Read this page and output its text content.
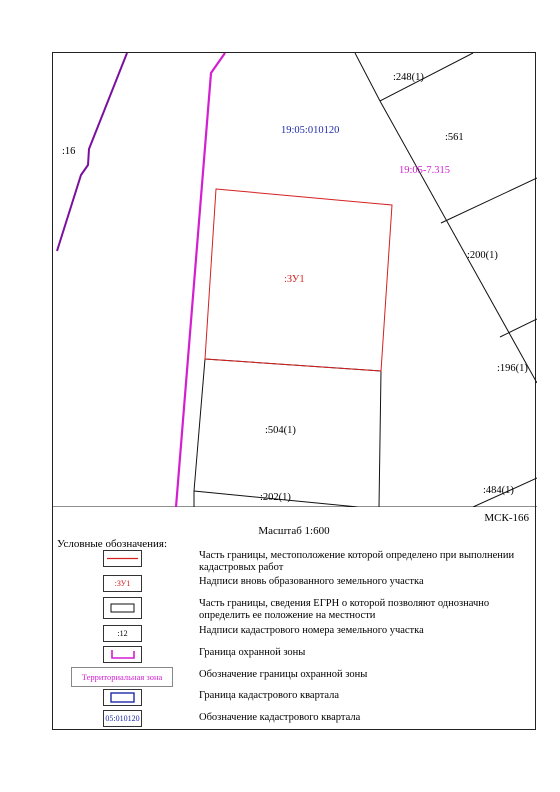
:16
:248(1)
:561
:200(1)
:196(1)
:504(1)
:202(1)
:484(1)
19:05:010120
19:05-7.315
:ЗУ1
МСК-166
Масштаб 1:600
Условные обозначения:
:ЗУ1
:12
Территориальная зона
05:010120
Часть границы, местоположение которой определено при выполнении кадастровых работ
Надписи вновь образованного земельного участка
Часть границы, сведения ЕГРН о которой позволяют однозначно определить ее положение на местности
Надписи кадастрового номера земельного участка
Граница охранной зоны
Обозначение границы охранной зоны
Граница кадастрового квартала
Обозначение кадастрового квартала
